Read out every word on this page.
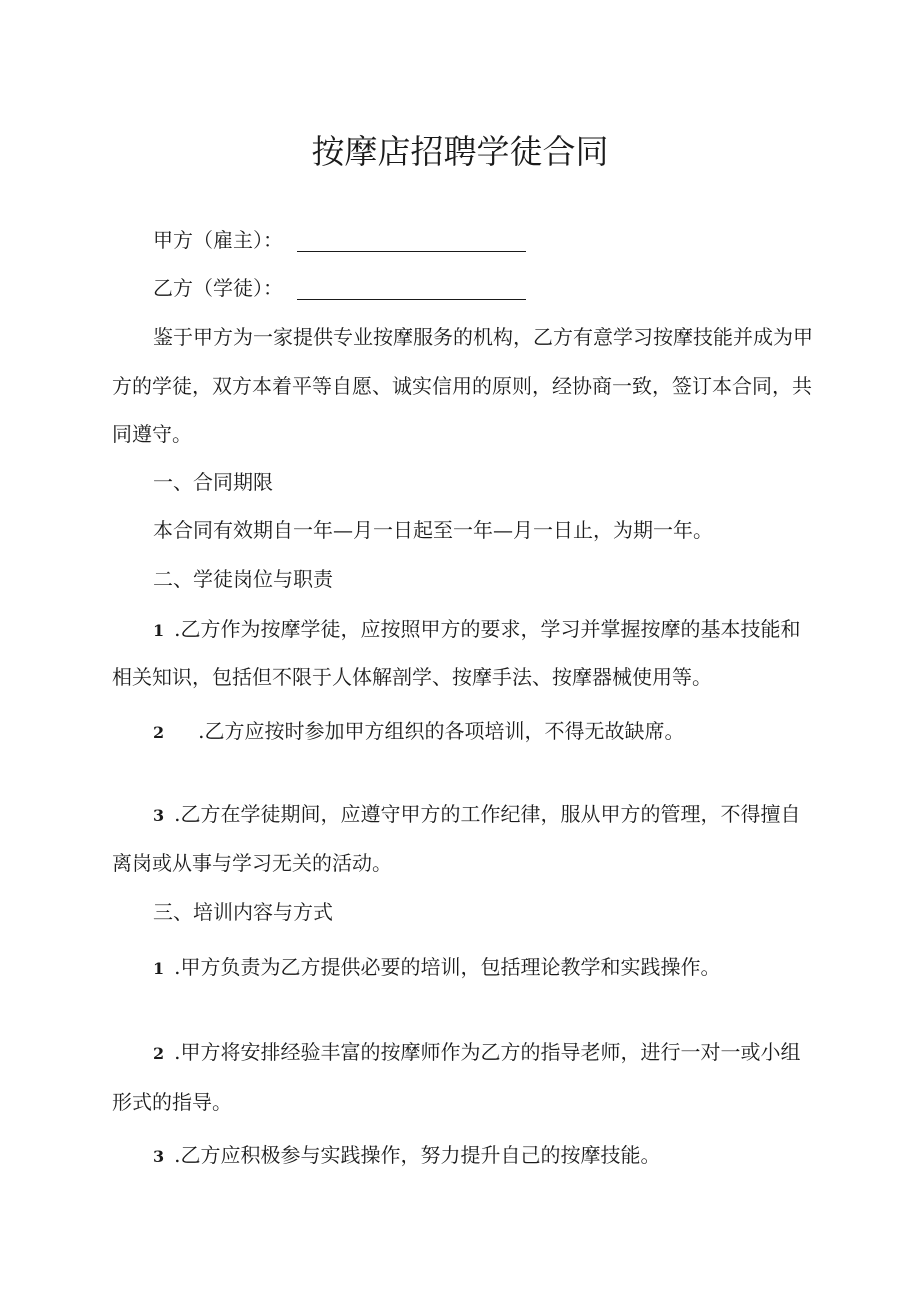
按摩店招聘学徒合同
甲方（雇主）：
乙方（学徒）：
鉴于甲方为一家提供专业按摩服务的机构，乙方有意学习按摩技能并成为甲
方的学徒，双方本着平等自愿、诚实信用的原则，经协商一致，签订本合同，共
同遵守。
一、合同期限
本合同有效期自一年—月一日起至一年—月一日止，为期一年。
二、学徒岗位与职责
1 .乙方作为按摩学徒，应按照甲方的要求，学习并掌握按摩的基本技能和
相关知识，包括但不限于人体解剖学、按摩手法、按摩器械使用等。
2 .乙方应按时参加甲方组织的各项培训，不得无故缺席。
3 .乙方在学徒期间，应遵守甲方的工作纪律，服从甲方的管理，不得擅自
离岗或从事与学习无关的活动。
三、培训内容与方式
1 .甲方负责为乙方提供必要的培训，包括理论教学和实践操作。
2 .甲方将安排经验丰富的按摩师作为乙方的指导老师，进行一对一或小组
形式的指导。
3 .乙方应积极参与实践操作，努力提升自己的按摩技能。
